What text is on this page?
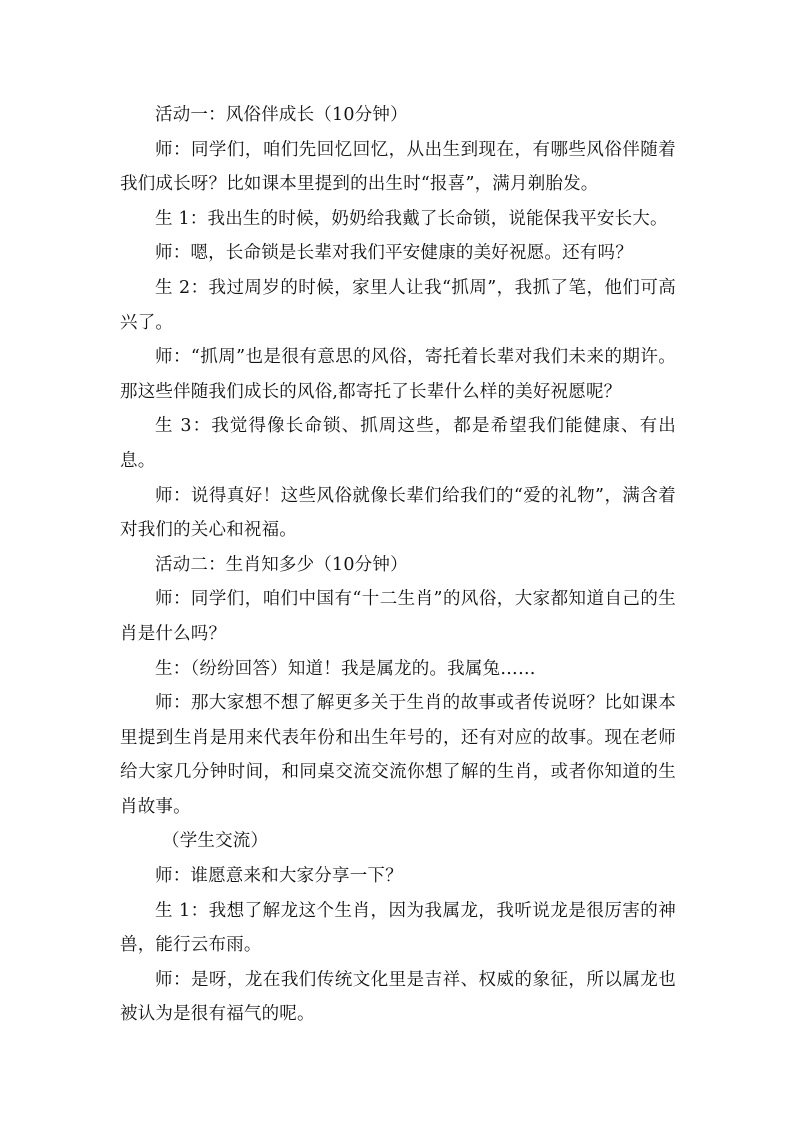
活动一：风俗伴成长（10分钟）

师：同学们，咱们先回忆回忆，从出生到现在，有哪些风俗伴随着我们成长呀？比如课本里提到的出生时“报喜”，满月剃胎发。

生 1：我出生的时候，奶奶给我戴了长命锁，说能保我平安长大。

师：嗯，长命锁是长辈对我们平安健康的美好祝愿。还有吗？

生 2：我过周岁的时候，家里人让我“抓周”，我抓了笔，他们可高兴了。

师：“抓周”也是很有意思的风俗，寄托着长辈对我们未来的期许。那这些伴随我们成长的风俗,都寄托了长辈什么样的美好祝愿呢？

生 3：我觉得像长命锁、抓周这些，都是希望我们能健康、有出息。

师：说得真好！这些风俗就像长辈们给我们的“爱的礼物”，满含着对我们的关心和祝福。

活动二：生肖知多少（10分钟）

师：同学们，咱们中国有“十二生肖”的风俗，大家都知道自己的生肖是什么吗？

生：（纷纷回答）知道！我是属龙的。我属兔……

师：那大家想不想了解更多关于生肖的故事或者传说呀？比如课本里提到生肖是用来代表年份和出生年号的，还有对应的故事。现在老师给大家几分钟时间，和同桌交流交流你想了解的生肖，或者你知道的生肖故事。

（学生交流）

师：谁愿意来和大家分享一下？

生 1：我想了解龙这个生肖，因为我属龙，我听说龙是很厉害的神兽，能行云布雨。

师：是呀，龙在我们传统文化里是吉祥、权威的象征，所以属龙也被认为是很有福气的呢。
